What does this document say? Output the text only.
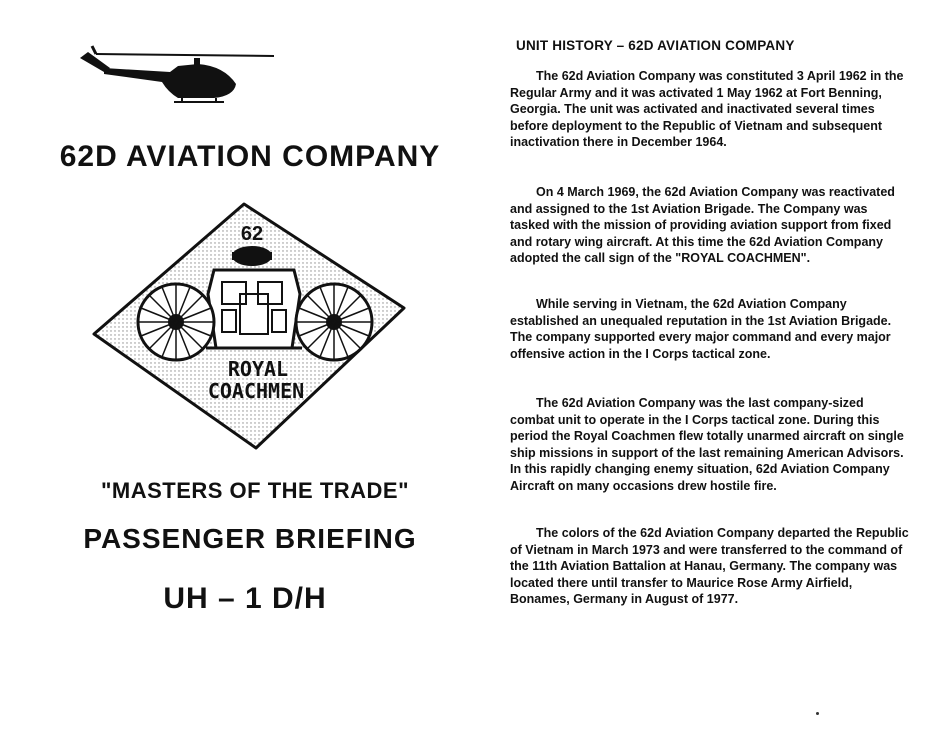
62D AVIATION COMPANY
62
ROYAL
COACHMEN
"MASTERS OF THE TRADE"
PASSENGER BRIEFING
UH – 1 D/H
UNIT HISTORY – 62D AVIATION COMPANY

The 62d Aviation Company was constituted 3 April 1962 in the Regular Army and it was activated 1 May 1962 at Fort Benning, Georgia. The unit was activated and inactivated several times before deployment to the Republic of Vietnam and subsequent inactivation there in December 1964.

On 4 March 1969, the 62d Aviation Company was reactivated and assigned to the 1st Aviation Brigade. The Company was tasked with the mission of providing aviation support from fixed and rotary wing aircraft. At this time the 62d Aviation Company adopted the call sign of the "ROYAL COACHMEN".

While serving in Vietnam, the 62d Aviation Company established an unequaled reputation in the 1st Aviation Brigade. The company supported every major command and every major offensive action in the I Corps tactical zone.

The 62d Aviation Company was the last company-sized combat unit to operate in the I Corps tactical zone. During this period the Royal Coachmen flew totally unarmed aircraft on single ship missions in support of the last remaining American Advisors. In this rapidly changing enemy situation, 62d Aviation Company Aircraft on many occasions drew hostile fire.

The colors of the 62d Aviation Company departed the Republic of Vietnam in March 1973 and were transferred to the command of the 11th Aviation Battalion at Hanau, Germany. The company was located there until transfer to Maurice Rose Army Airfield, Bonames, Germany in August of 1977.
